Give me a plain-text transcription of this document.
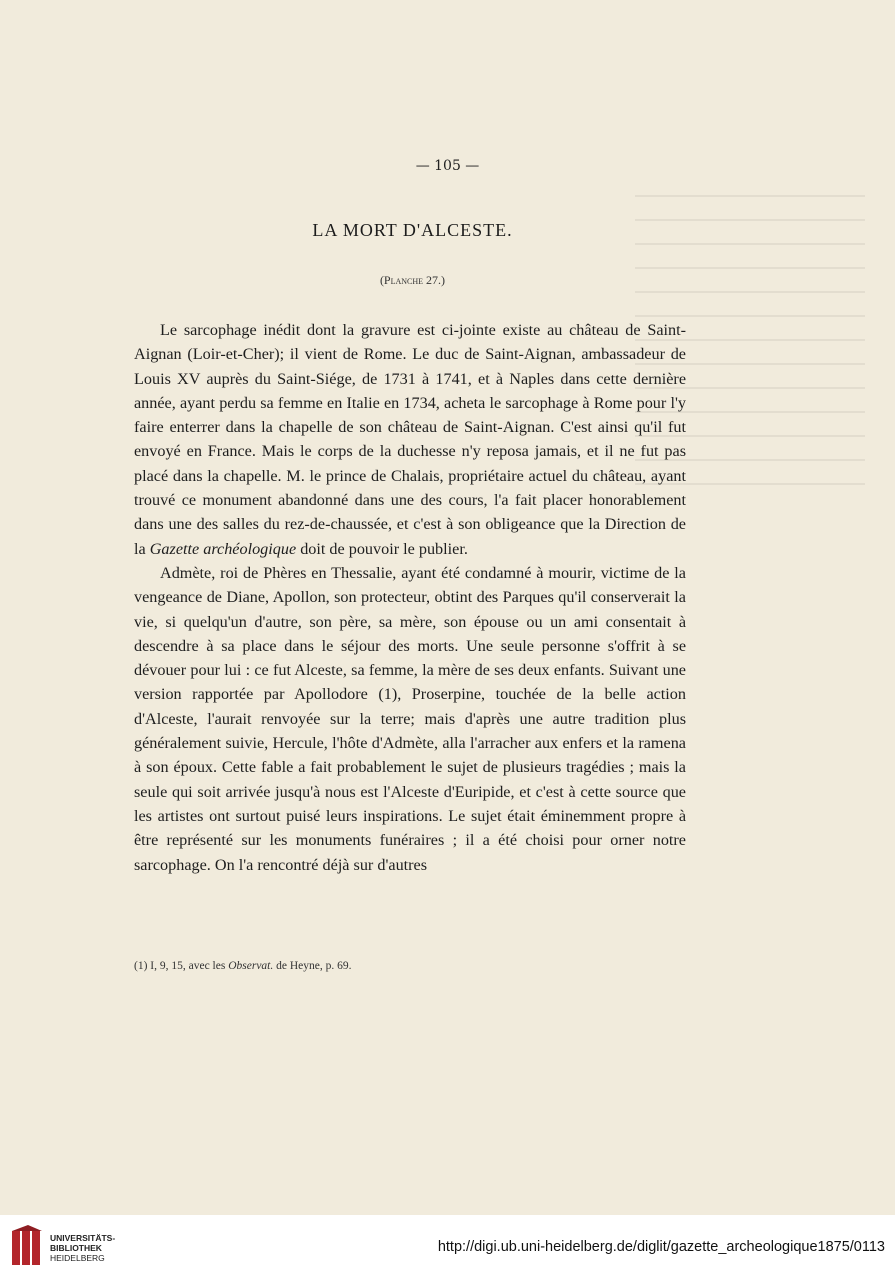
— 105 —
LA MORT D'ALCESTE.
(Planche 27.)

Le sarcophage inédit dont la gravure est ci-jointe existe au château de Saint-Aignan (Loir-et-Cher); il vient de Rome. Le duc de Saint-Aignan, ambassadeur de Louis XV auprès du Saint-Siége, de 1731 à 1741, et à Naples dans cette dernière année, ayant perdu sa femme en Italie en 1734, acheta le sarcophage à Rome pour l'y faire enterrer dans la chapelle de son château de Saint-Aignan. C'est ainsi qu'il fut envoyé en France. Mais le corps de la duchesse n'y reposa jamais, et il ne fut pas placé dans la chapelle. M. le prince de Chalais, propriétaire actuel du château, ayant trouvé ce monument abandonné dans une des cours, l'a fait placer honorablement dans une des salles du rez-de-chaussée, et c'est à son obligeance que la Direction de la Gazette archéologique doit de pouvoir le publier.

Admète, roi de Phères en Thessalie, ayant été condamné à mourir, victime de la vengeance de Diane, Apollon, son protecteur, obtint des Parques qu'il conserverait la vie, si quelqu'un d'autre, son père, sa mère, son épouse ou un ami consentait à descendre à sa place dans le séjour des morts. Une seule personne s'offrit à se dévouer pour lui : ce fut Alceste, sa femme, la mère de ses deux enfants. Suivant une version rapportée par Apollodore (1), Proserpine, touchée de la belle action d'Alceste, l'aurait renvoyée sur la terre; mais d'après une autre tradition plus généralement suivie, Hercule, l'hôte d'Admète, alla l'arracher aux enfers et la ramena à son époux. Cette fable a fait probablement le sujet de plusieurs tragédies ; mais la seule qui soit arrivée jusqu'à nous est l'Alceste d'Euripide, et c'est à cette source que les artistes ont surtout puisé leurs inspirations. Le sujet était éminemment propre à être représenté sur les monuments funéraires ; il a été choisi pour orner notre sarcophage. On l'a rencontré déjà sur d'autres

(1) I, 9, 15, avec les Observat. de Heyne, p. 69.
UNIVERSITÄTS-
BIBLIOTHEK
HEIDELBERG
http://digi.ub.uni-heidelberg.de/diglit/gazette_archeologique1875/0113
